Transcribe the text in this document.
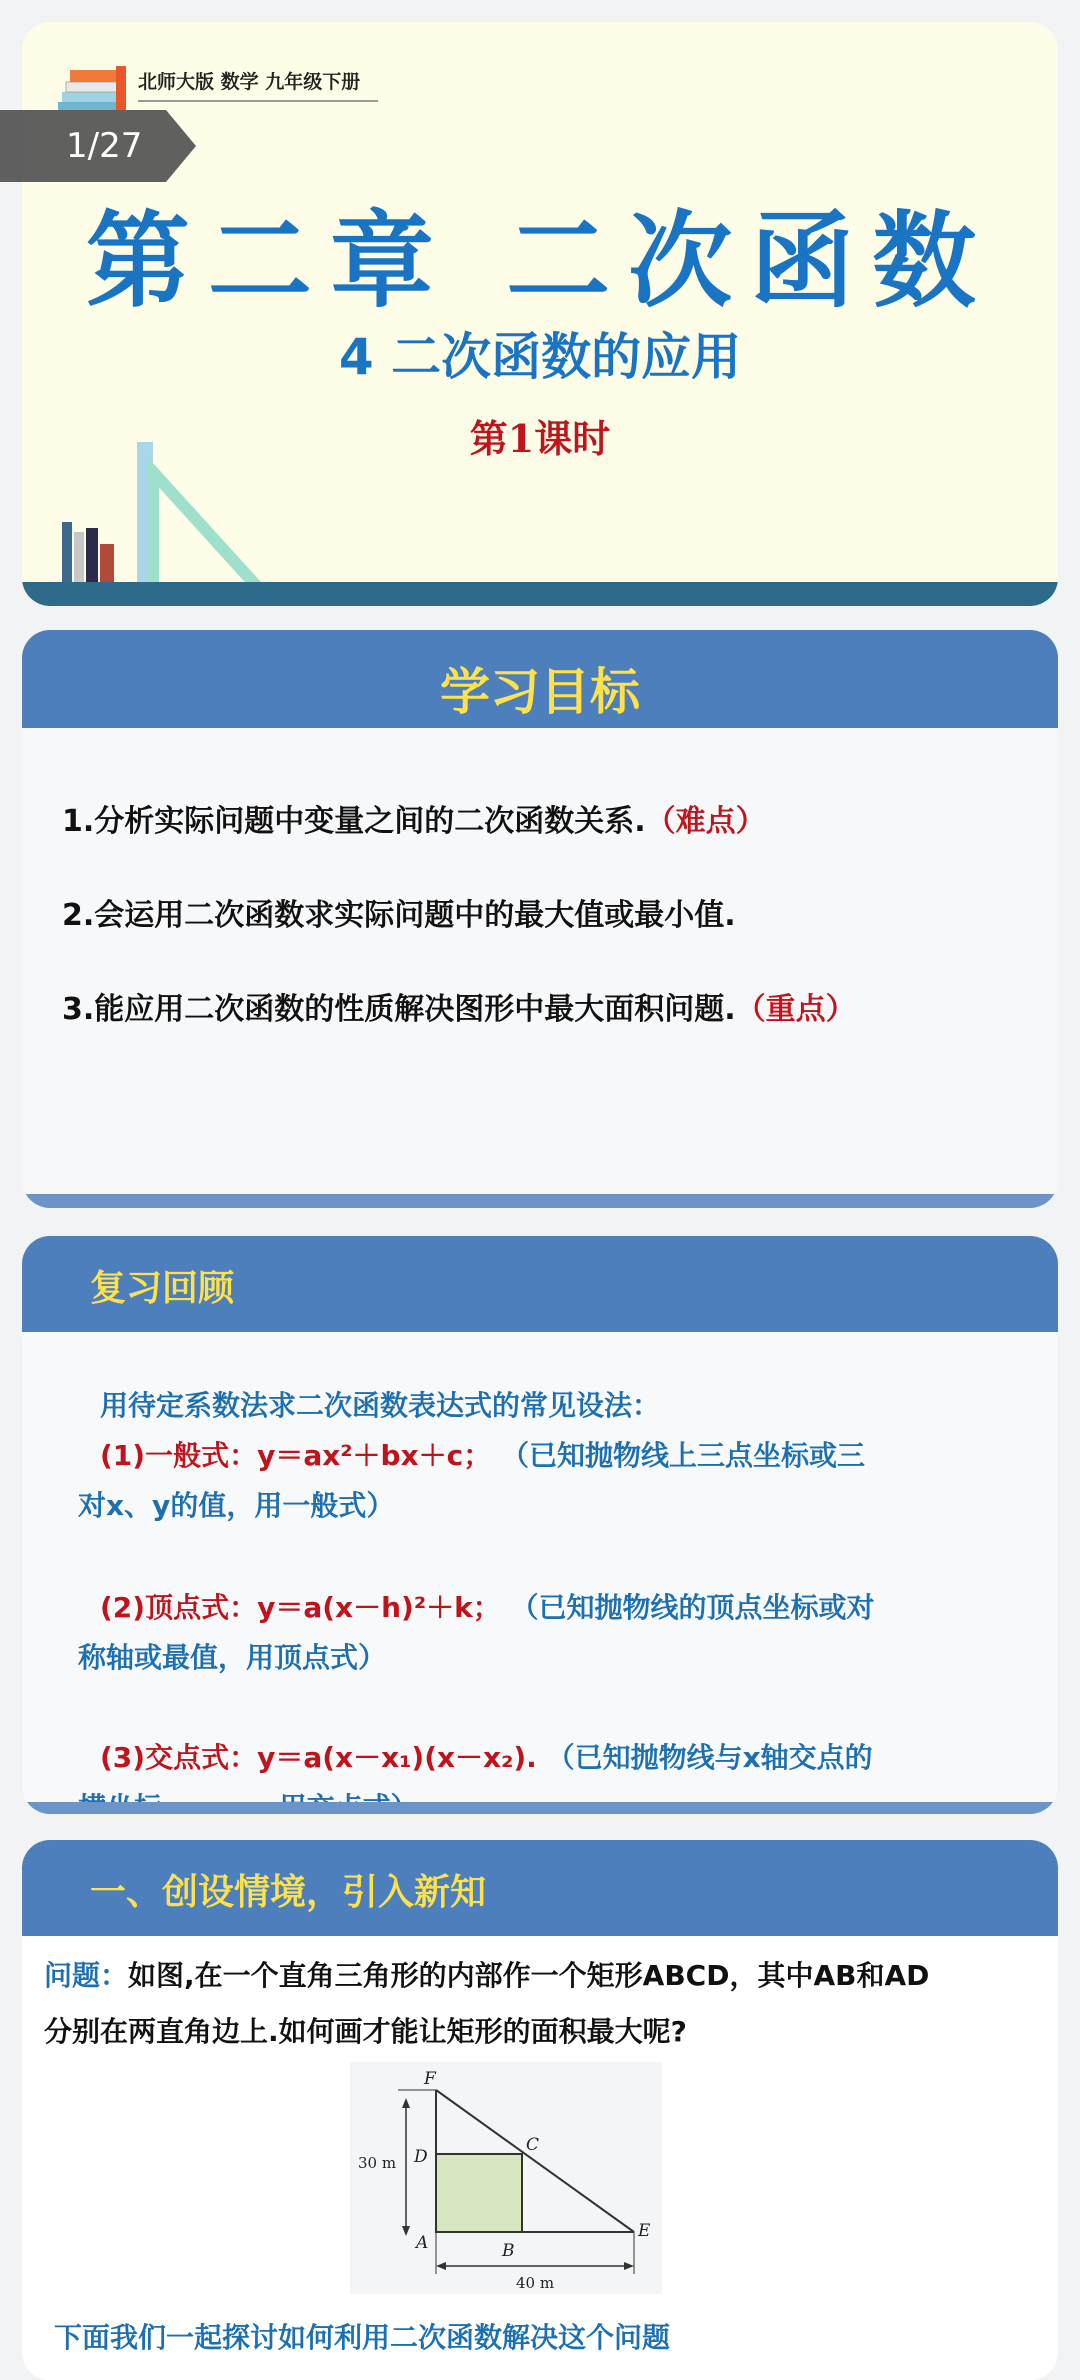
北师大版 数学 九年级下册
第二章 二次函数
4 二次函数的应用
第1课时
1/27
学习目标
1.分析实际问题中变量之间的二次函数关系.（难点）
2.会运用二次函数求实际问题中的最大值或最小值.
3.能应用二次函数的性质解决图形中最大面积问题.（重点）
复习回顾
用待定系数法求二次函数表达式的常见设法：
(1)一般式：y＝ax²＋bx＋c； （已知抛物线上三点坐标或三
对x、y的值，用一般式）
(2)顶点式：y＝a(x－h)²＋k； （已知抛物线的顶点坐标或对
称轴或最值，用顶点式）
(3)交点式：y＝a(x－x₁)(x－x₂). （已知抛物线与x轴交点的
一、创设情境，引入新知
问题：如图,在一个直角三角形的内部作一个矩形ABCD，其中AB和AD
分别在两直角边上.如何画才能让矩形的面积最大呢?
F
C
D
A	B
E
30 m
40 m
下面我们一起探讨如何利用二次函数解决这个问题
